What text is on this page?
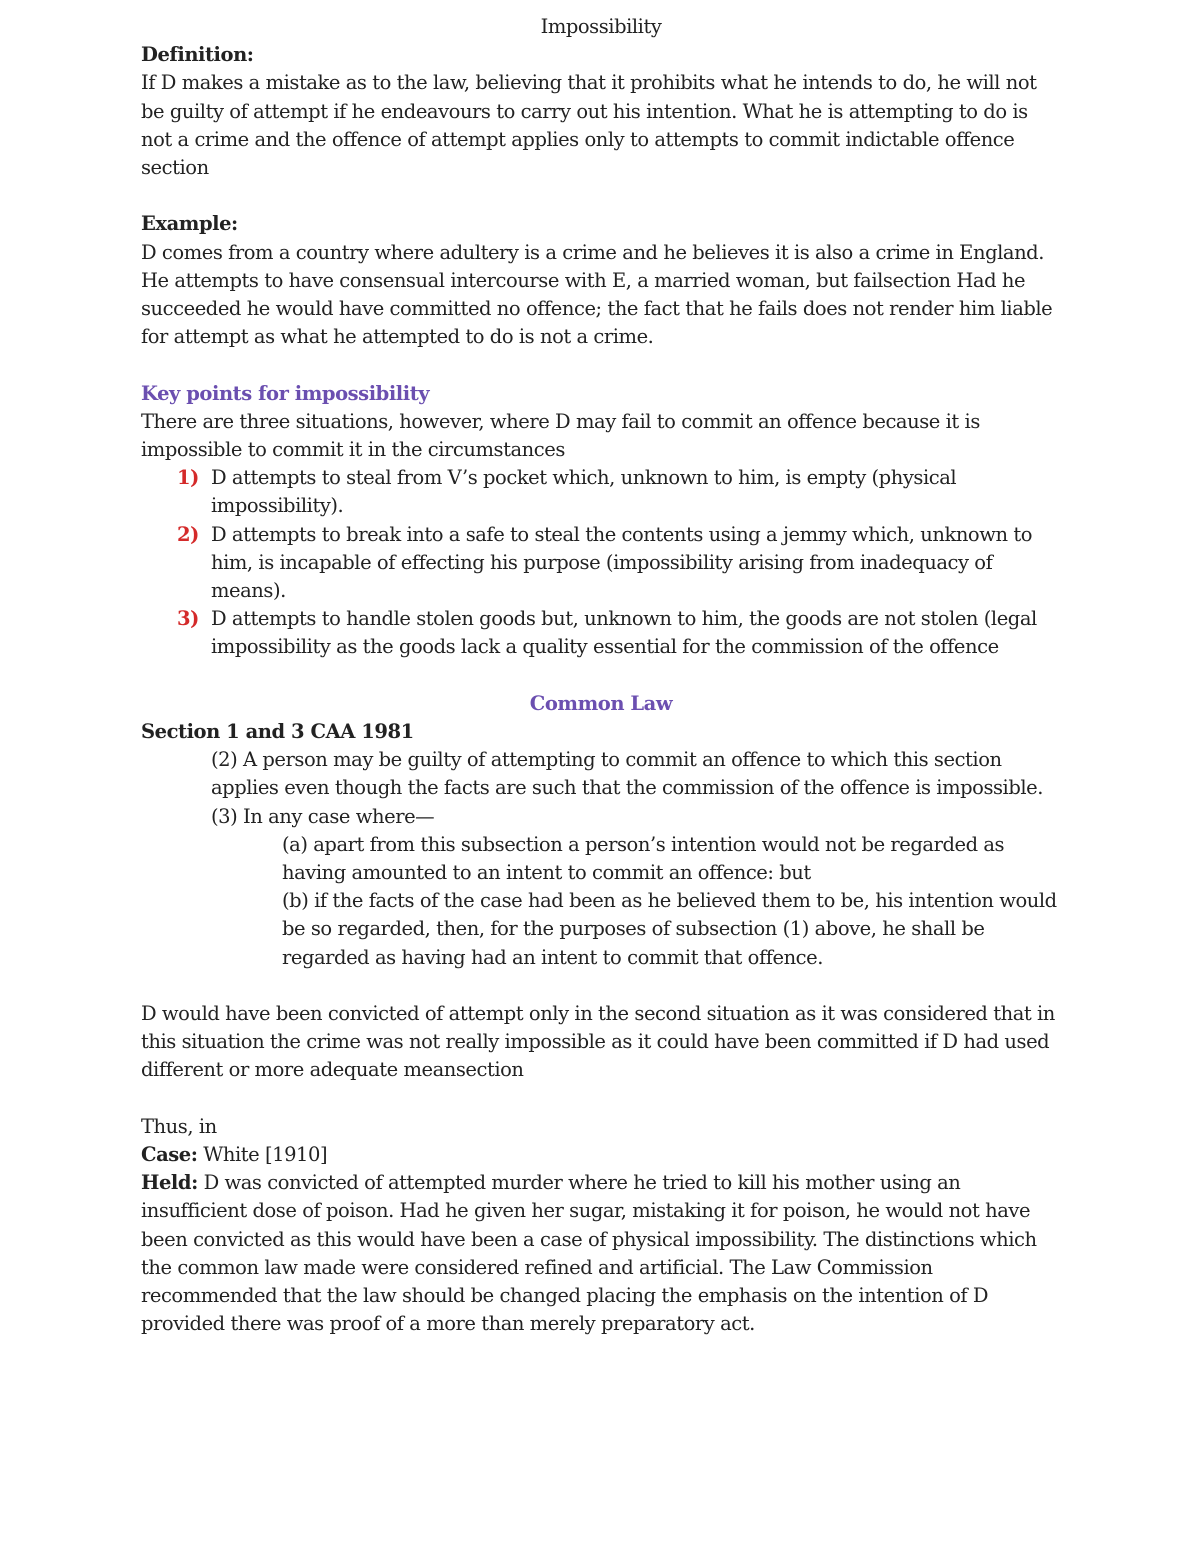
Impossibility

Definition:

If D makes a mistake as to the law, believing that it prohibits what he intends to do, he will not be guilty of attempt if he endeavours to carry out his intention. What he is attempting to do is not a crime and the offence of attempt applies only to attempts to commit indictable offence section

Example:

D comes from a country where adultery is a crime and he believes it is also a crime in England. He attempts to have consensual intercourse with E, a married woman, but failsection Had he succeeded he would have committed no offence; the fact that he fails does not render him liable for attempt as what he attempted to do is not a crime.

Key points for impossibility

There are three situations, however, where D may fail to commit an offence because it is impossible to commit it in the circumstances

1) D attempts to steal from V’s pocket which, unknown to him, is empty (physical impossibility).
2) D attempts to break into a safe to steal the contents using a jemmy which, unknown to him, is incapable of effecting his purpose (impossibility arising from inadequacy of means).
3) D attempts to handle stolen goods but, unknown to him, the goods are not stolen (legal impossibility as the goods lack a quality essential for the commission of the offence

Common Law

Section 1 and 3 CAA 1981

(2) A person may be guilty of attempting to commit an offence to which this section applies even though the facts are such that the commission of the offence is impossible.

(3) In any case where—

(a) apart from this subsection a person’s intention would not be regarded as having amounted to an intent to commit an offence: but

(b) if the facts of the case had been as he believed them to be, his intention would be so regarded, then, for the purposes of subsection (1) above, he shall be regarded as having had an intent to commit that offence.

D would have been convicted of attempt only in the second situation as it was considered that in this situation the crime was not really impossible as it could have been committed if D had used different or more adequate meansection

Thus, in

Case: White [1910]

Held: D was convicted of attempted murder where he tried to kill his mother using an insufficient dose of poison. Had he given her sugar, mistaking it for poison, he would not have been convicted as this would have been a case of physical impossibility. The distinctions which the common law made were considered refined and artificial. The Law Commission recommended that the law should be changed placing the emphasis on the intention of D provided there was proof of a more than merely preparatory act.
